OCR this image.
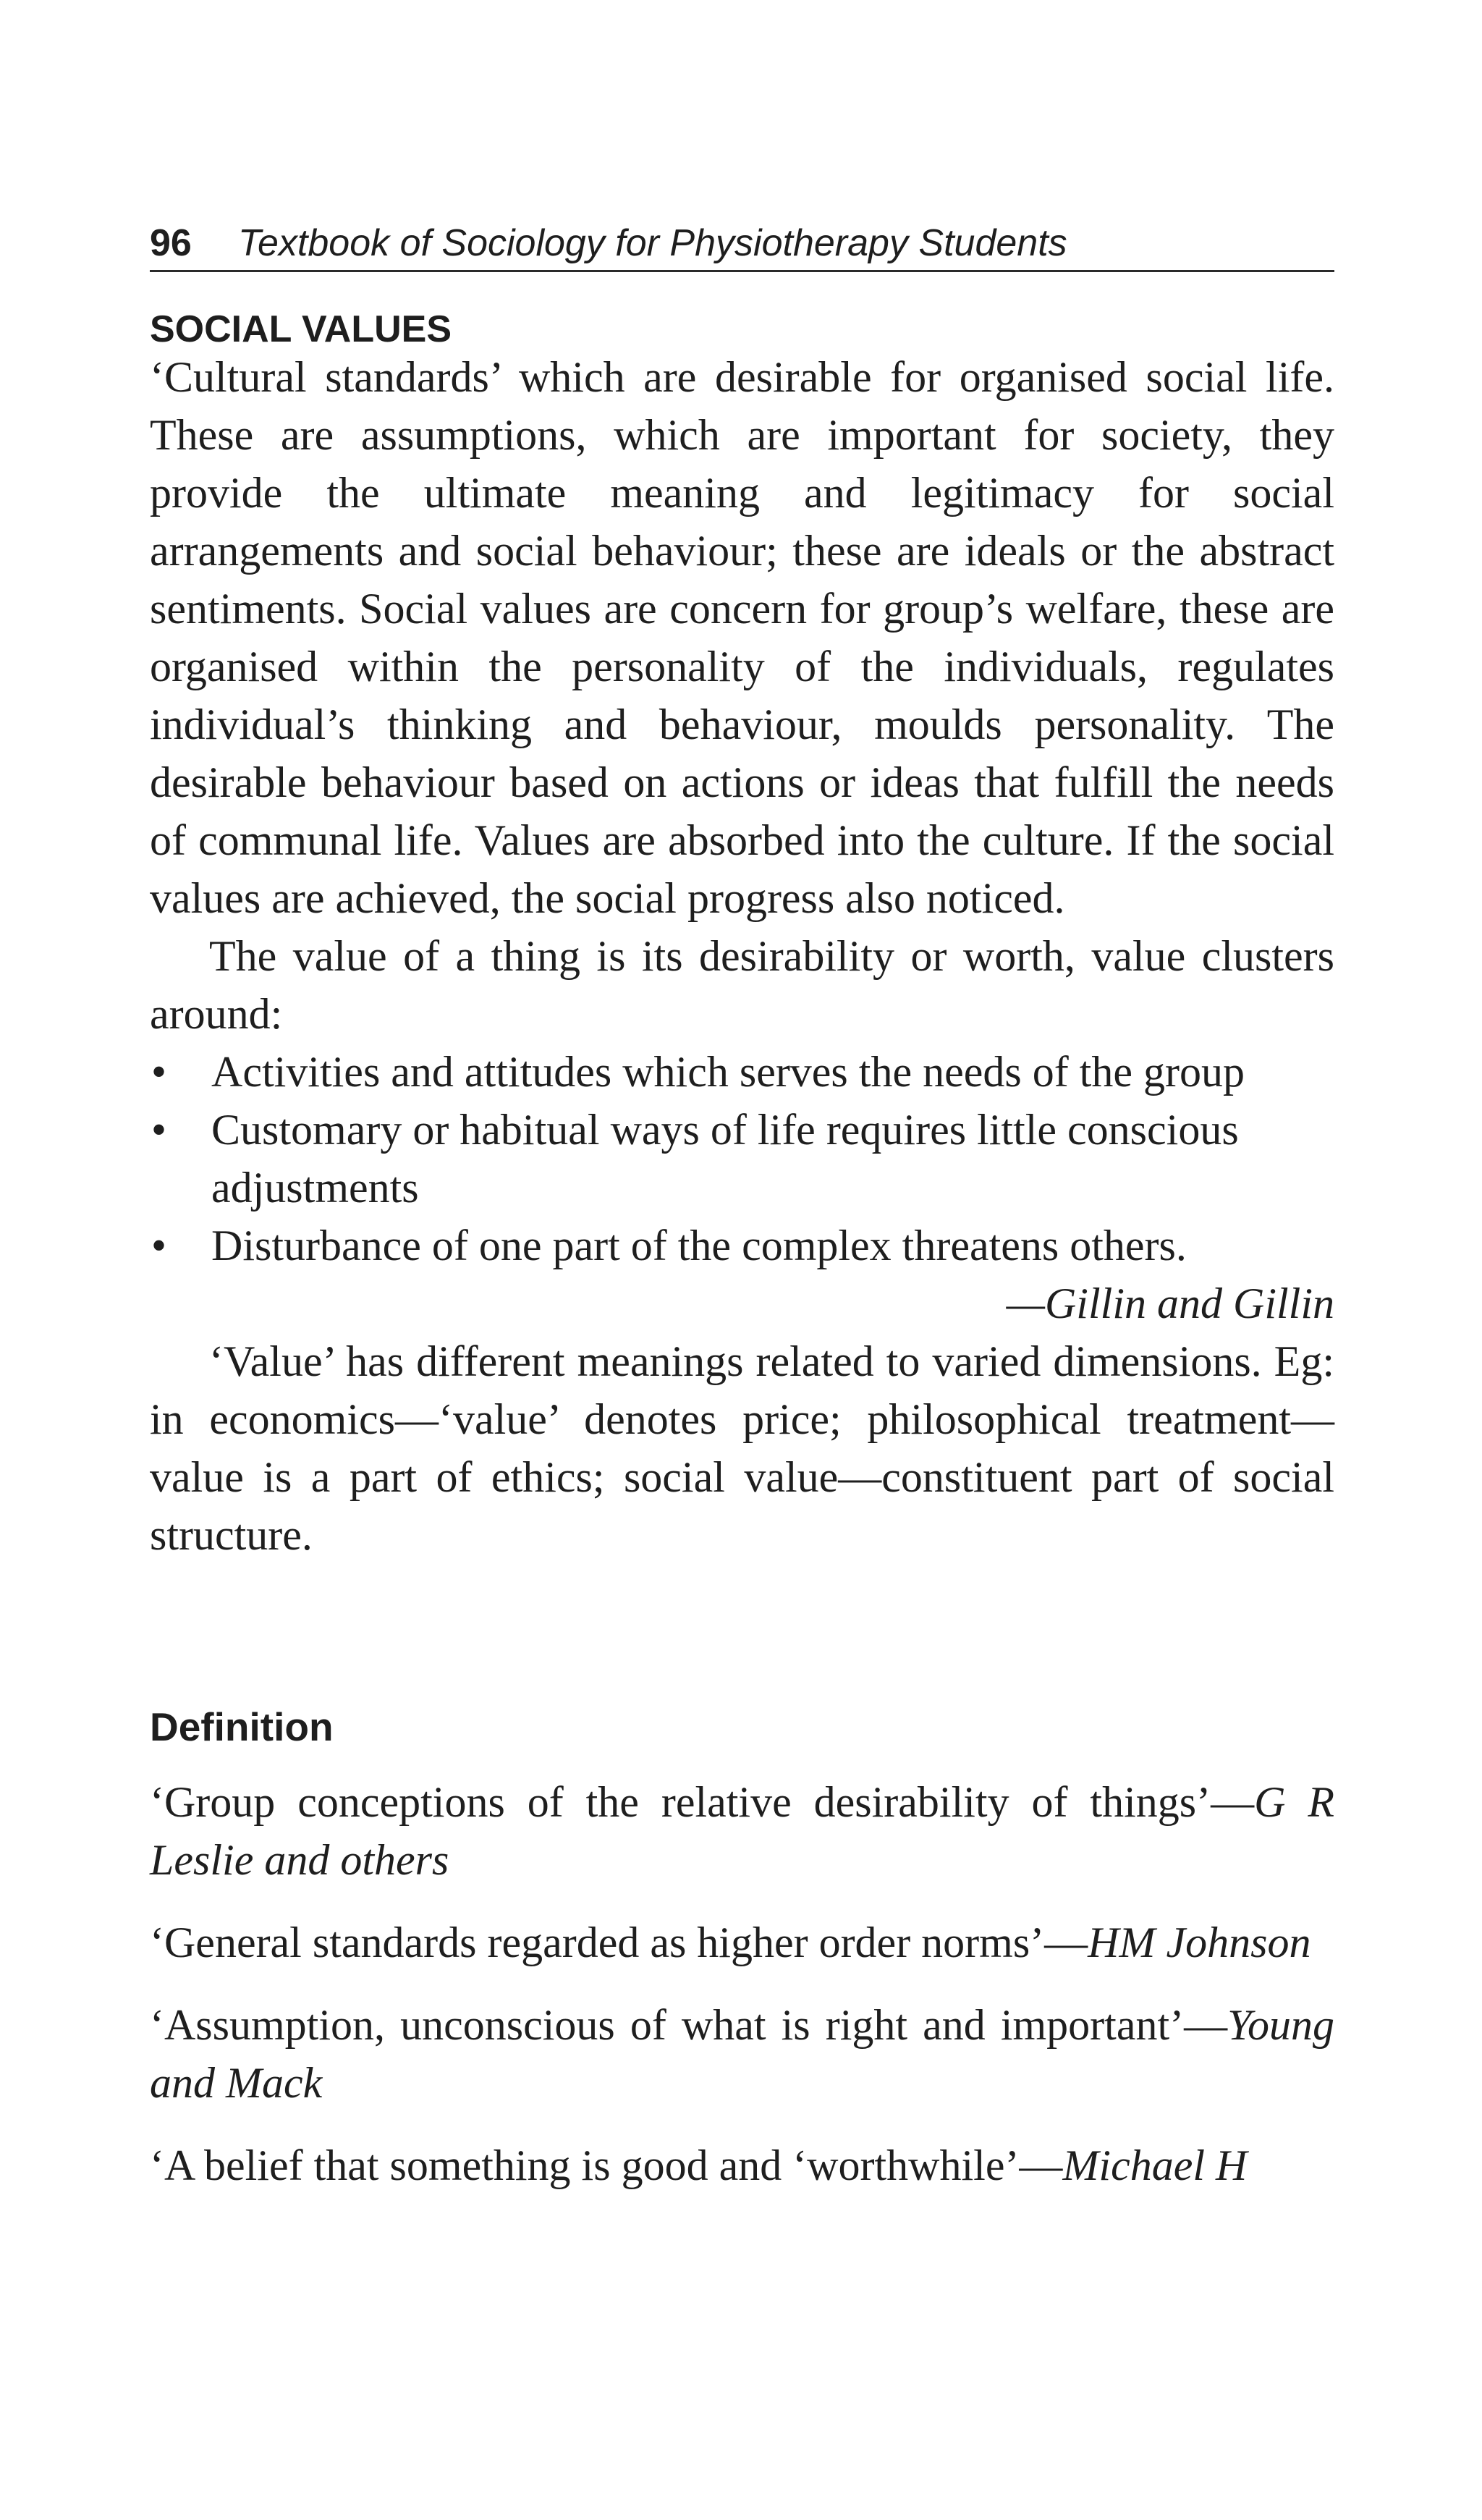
96 Textbook of Sociology for Physiotherapy Students
SOCIAL VALUES

‘Cultural standards’ which are desirable for organised social life. These are assumptions, which are important for society, they provide the ultimate meaning and legitimacy for social arrangements and social behaviour; these are ideals or the abstract sentiments. Social values are concern for group’s welfare, these are organised within the personality of the individuals, regulates individual’s thinking and behaviour, moulds personality. The desirable behaviour based on actions or ideas that fulfill the needs of communal life. Values are absorbed into the culture. If the social values are achieved, the social progress also noticed.

The value of a thing is its desirability or worth, value clusters around:

• Activities and attitudes which serves the needs of the group
• Customary or habitual ways of life requires little conscious adjustments
• Disturbance of one part of the complex threatens others.

—Gillin and Gillin

‘Value’ has different meanings related to varied dimensions. Eg: in economics—‘value’ denotes price; philosophical treatment—value is a part of ethics; social value—constituent part of social structure.

Definition

‘Group conceptions of the relative desirability of things’—G R Leslie and others

‘General standards regarded as higher order norms’—HM Johnson

‘Assumption, unconscious of what is right and important’—Young and Mack

‘A belief that something is good and ‘worthwhile’—Michael H
